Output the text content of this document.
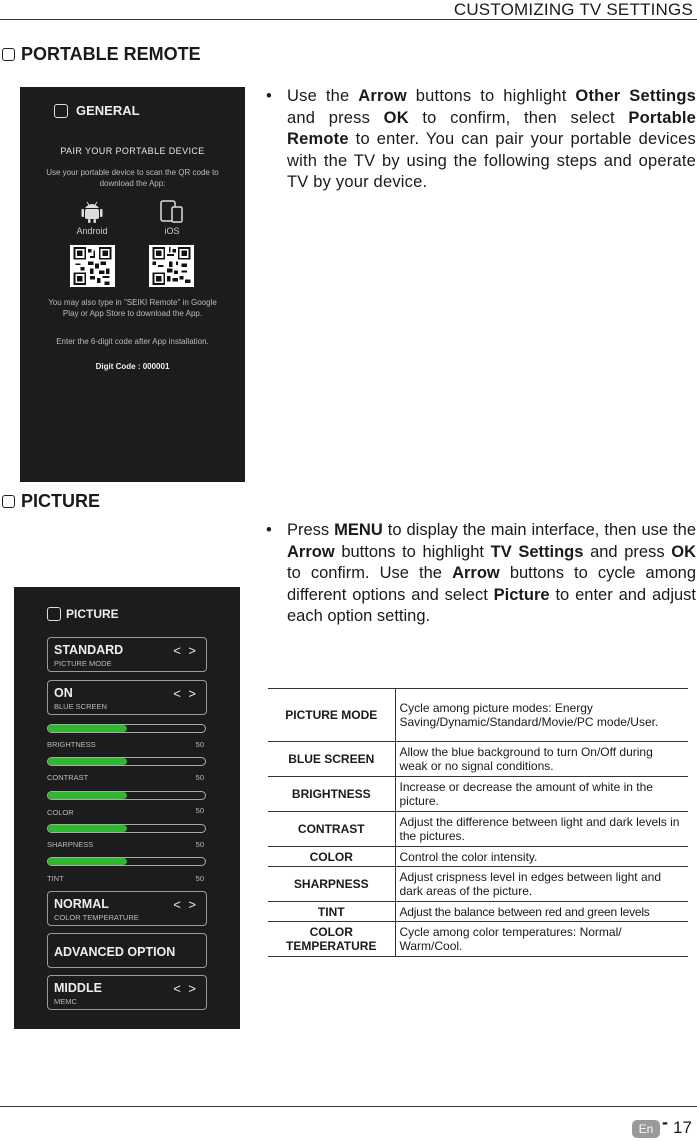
CUSTOMIZING TV SETTINGS
PORTABLE REMOTE
GENERAL
PAIR YOUR PORTABLE DEVICE
Use your portable device to scan the QR code to download the App:
Android	iOS
You may also type in "SEIKI Remote" in Google Play or App Store to download the App.
Enter the 6-digit code after App installation.
Digit Code : 000001
• Use the Arrow buttons to highlight Other Settings and press OK to confirm, then select Portable Remote to enter. You can pair your portable devices with the TV by using the following steps and operate TV by your device.
PICTURE
• Press MENU to display the main interface, then use the Arrow buttons to highlight TV Settings and press OK to confirm. Use the Arrow buttons to cycle among different options and select Picture to enter and adjust each option setting.
PICTURE
STANDARD
PICTURE MODE
< >
ON
BLUE SCREEN
< >
BRIGHTNESS	50
CONTRAST	50
COLOR	50
SHARPNESS	50
TINT	50
NORMAL
COLOR TEMPERATURE
< >
ADVANCED OPTION
MIDDLE
MEMC
< >
PICTURE MODE	Cycle among picture modes: Energy Saving/Dynamic/Standard/Movie/PC mode/User.
BLUE SCREEN	Allow the blue background to turn On/Off during weak or no signal conditions.
BRIGHTNESS	Increase or decrease the amount of white in the picture.
CONTRAST	Adjust the difference between light and dark levels in the pictures.
COLOR	Control the color intensity.
SHARPNESS	Adjust crispness level in edges between light and dark areas of the picture.
TINT	Adjust the balance between red and green levels
COLOR TEMPERATURE	Cycle among color temperatures: Normal/ Warm/Cool.
En - 17
